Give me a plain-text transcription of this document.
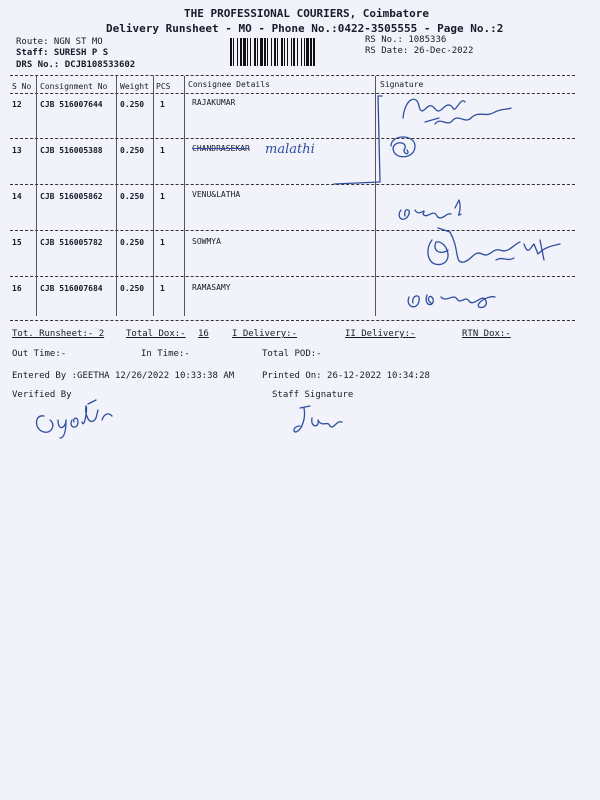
THE PROFESSIONAL COURIERS, Coimbatore
Delivery Runsheet - MO - Phone No.:0422-3505555 - Page No.:2
Route: NGN ST MO
Staff: SURESH P S
DRS No.: DCJB108533602
RS No.: 1085336
RS Date: 26-Dec-2022
S No Consignment No Weight PCS Consignee Details	Signature
12 CJB 516007644 0.250 1	RAJAKUMAR
13 CJB 516005388 0.250 1	CHANDRASEKAR malathi
14 CJB 516005862 0.250 1	VENU&LATHA
15 CJB 516005782 0.250 1	SOWMYA
16 CJB 516007684 0.250 1	RAMASAMY
Tot. Runsheet:- 2 Total Dox:- 16	I Delivery:-	II Delivery:-	RTN Dox:-
Out Time:-	In Time:-	Total POD:-
Entered By :GEETHA 12/26/2022 10:33:38 AM	Printed On: 26-12-2022 10:34:28
Verified By	Staff Signature
